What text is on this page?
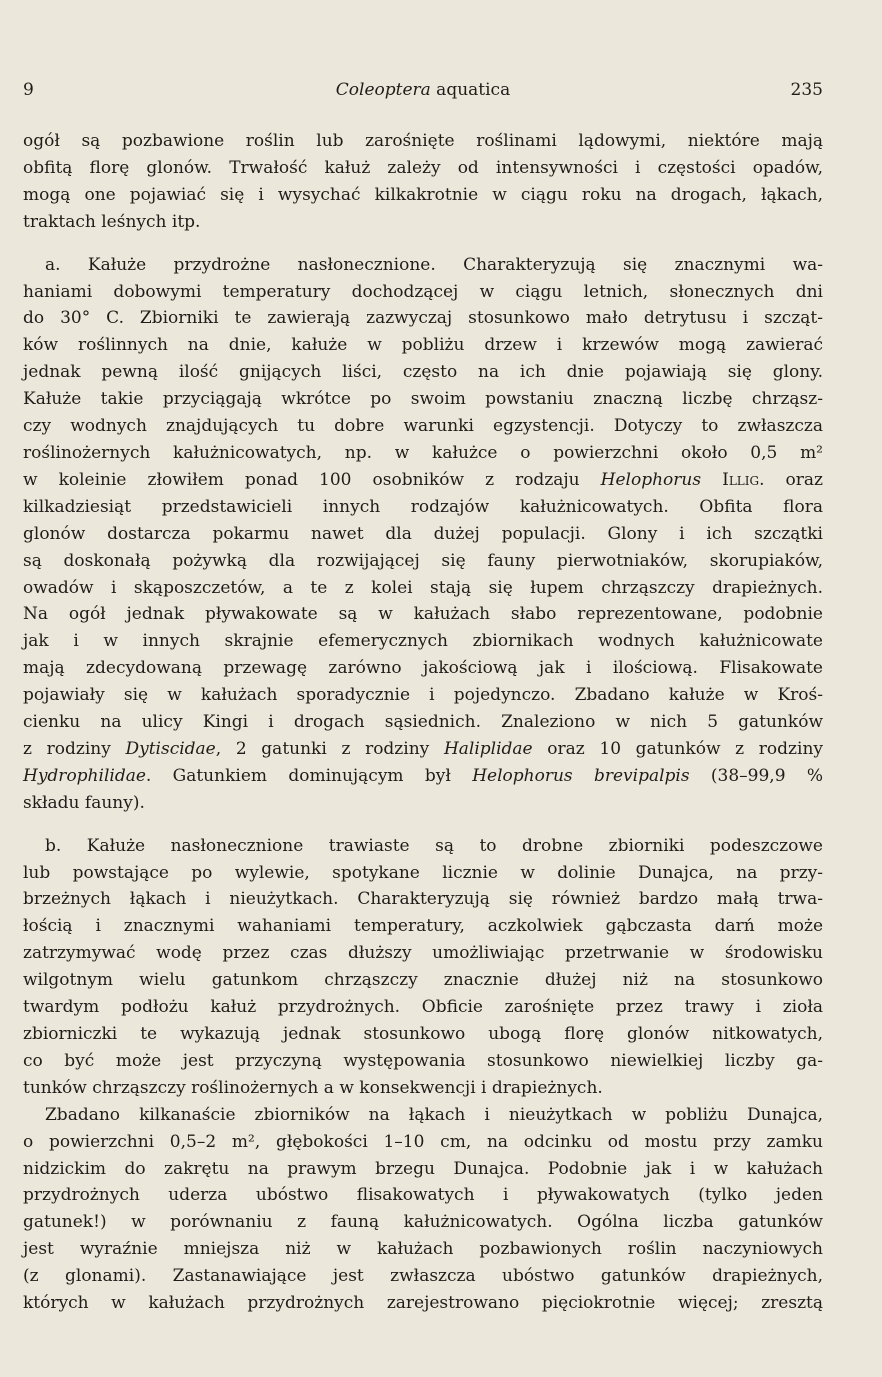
9	Coleoptera aquatica	235

ogół są pozbawione roślin lub zarośnięte roślinami lądowymi, niektóre mają
obfitą florę glonów. Trwałość kałuż zależy od intensywności i częstości opadów,
mogą one pojawiać się i wysychać kilkakrotnie w ciągu roku na drogach, łąkach,
traktach leśnych itp.

a. Kałuże przydrożne nasłonecznione. Charakteryzują się znacznymi wa-
haniami dobowymi temperatury dochodzącej w ciągu letnich, słonecznych dni
do 30° C. Zbiorniki te zawierają zazwyczaj stosunkowo mało detrytusu i szcząt-
ków roślinnych na dnie, kałuże w pobliżu drzew i krzewów mogą zawierać
jednak pewną ilość gnijących liści, często na ich dnie pojawiają się glony.
Kałuże takie przyciągają wkrótce po swoim powstaniu znaczną liczbę chrząsz-
czy wodnych znajdujących tu dobre warunki egzystencji. Dotyczy to zwłaszcza
roślinożernych kałużnicowatych, np. w kałużce o powierzchni około 0,5 m²
w koleinie złowiłem ponad 100 osobników z rodzaju Helophorus Illig. oraz
kilkadziesiąt przedstawicieli innych rodzajów kałużnicowatych. Obfita flora
glonów dostarcza pokarmu nawet dla dużej populacji. Glony i ich szczątki
są doskonałą pożywką dla rozwijającej się fauny pierwotniaków, skorupiaków,
owadów i skąposzczetów, a te z kolei stają się łupem chrząszczy drapieżnych.
Na ogół jednak pływakowate są w kałużach słabo reprezentowane, podobnie
jak i w innych skrajnie efemerycznych zbiornikach wodnych kałużnicowate
mają zdecydowaną przewagę zarówno jakościową jak i ilościową. Flisakowate
pojawiały się w kałużach sporadycznie i pojedynczo. Zbadano kałuże w Kroś-
cienku na ulicy Kingi i drogach sąsiednich. Znaleziono w nich 5 gatunków
z rodziny Dytiscidae, 2 gatunki z rodziny Haliplidae oraz 10 gatunków z rodziny
Hydrophilidae. Gatunkiem dominującym był Helophorus brevipalpis (38–99,9 %
składu fauny).

b. Kałuże nasłonecznione trawiaste są to drobne zbiorniki podeszczowe
lub powstające po wylewie, spotykane licznie w dolinie Dunajca, na przy-
brzeżnych łąkach i nieużytkach. Charakteryzują się również bardzo małą trwa-
łością i znacznymi wahaniami temperatury, aczkolwiek gąbczasta darń może
zatrzymywać wodę przez czas dłuższy umożliwiając przetrwanie w środowisku
wilgotnym wielu gatunkom chrząszczy znacznie dłużej niż na stosunkowo
twardym podłożu kałuż przydrożnych. Obficie zarośnięte przez trawy i zioła
zbiorniczki te wykazują jednak stosunkowo ubogą florę glonów nitkowatych,
co być może jest przyczyną występowania stosunkowo niewielkiej liczby ga-
tunków chrząszczy roślinożernych a w konsekwencji i drapieżnych.

Zbadano kilkanaście zbiorników na łąkach i nieużytkach w pobliżu Dunajca,
o powierzchni 0,5–2 m², głębokości 1–10 cm, na odcinku od mostu przy zamku
nidzickim do zakrętu na prawym brzegu Dunajca. Podobnie jak i w kałużach
przydrożnych uderza ubóstwo flisakowatych i pływakowatych (tylko jeden
gatunek!) w porównaniu z fauną kałużnicowatych. Ogólna liczba gatunków
jest wyraźnie mniejsza niż w kałużach pozbawionych roślin naczyniowych
(z glonami). Zastanawiające jest zwłaszcza ubóstwo gatunków drapieżnych,
których w kałużach przydrożnych zarejestrowano pięciokrotnie więcej; zresztą
